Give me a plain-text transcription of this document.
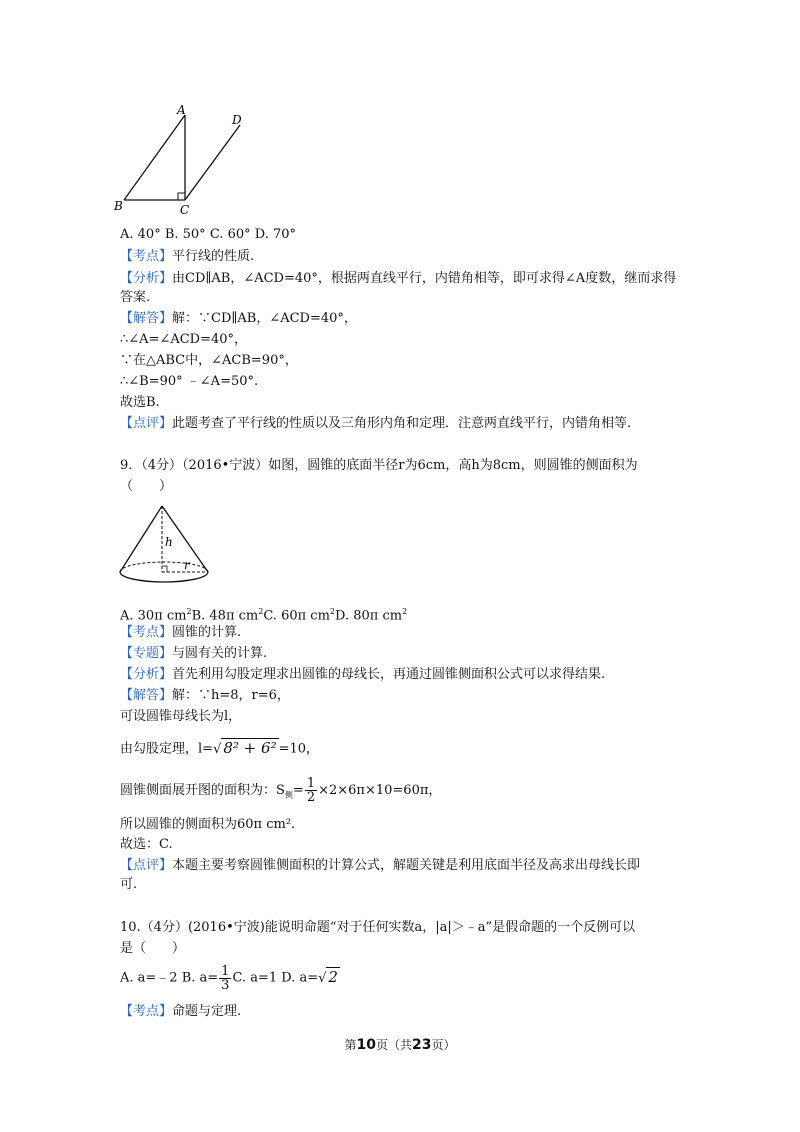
A
B	C
D
A. 40° B. 50° C. 60° D. 70°
【考点】平行线的性质.
【分析】由CD∥AB，∠ACD=40°，根据两直线平行，内错角相等，即可求得∠A度数，继而求得
答案.
【解答】解：∵CD∥AB，∠ACD=40°，
∴∠A=∠ACD=40°，
∵在△ABC中，∠ACB=90°，
∴∠B=90° ﹣∠A=50°.
故选B.
【点评】此题考查了平行线的性质以及三角形内角和定理．注意两直线平行，内错角相等.
9．（4分）（2016•宁波）如图，圆锥的底面半径r为6cm，高h为8cm，则圆锥的侧面积为
（　　）
h
r
A. 30π $cm^2B$. 48π $cm^2C$. 60π $cm^2D$. 80π $cm^2$
【考点】圆锥的计算.
【专题】与圆有关的计算.
【分析】首先利用勾股定理求出圆锥的母线长，再通过圆锥侧面积公式可以求得结果.
【解答】解：∵h=8，r=6，
可设圆锥母线长为l，
由勾股定理，l=√ 8² + 6² =10，
圆锥侧面展开图的面积为：$S_侧= \frac{1}{2} \times 2\times 6\pi\times 10=60\pi$，
所以圆锥的侧面积为60π cm².
故选：C.
【点评】本题主要考察圆锥侧面积的计算公式，解题关键是利用底面半径及高求出母线长即
可.
10.（4分）(2016•宁波)能说明命题“对于任何实数a，|a|＞﹣a”是假命题的一个反例可以
是（　　）
A. a=﹣2 B. $a= \frac{1}{3} C$. a=1 D. a=√ 2
【考点】命题与定理.
第10页（共23页）
